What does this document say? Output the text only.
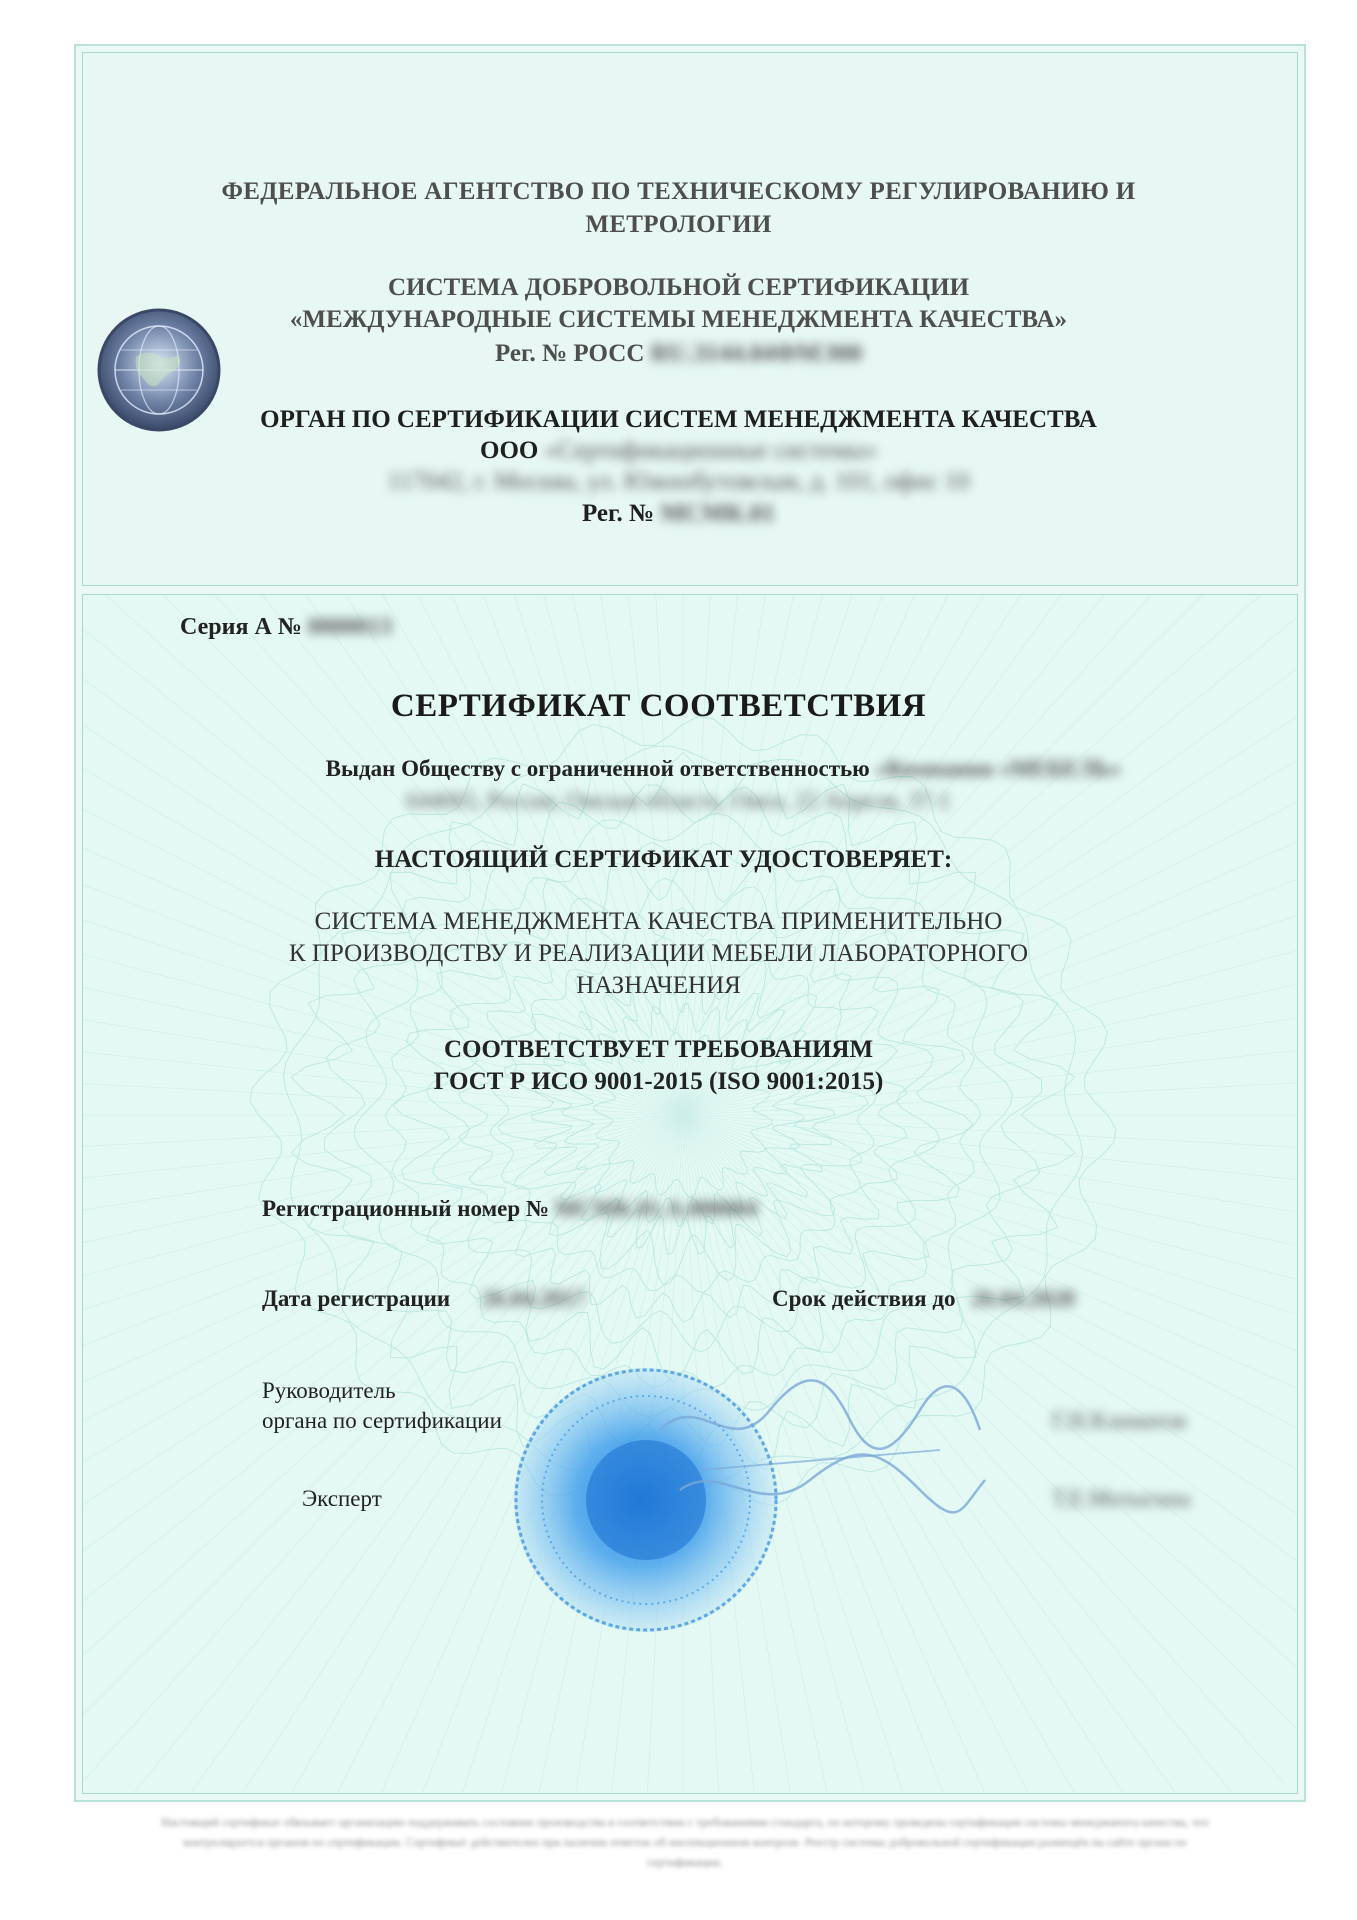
ФЕДЕРАЛЬНОЕ АГЕНТСТВО ПО ТЕХНИЧЕСКОМУ РЕГУЛИРОВАНИЮ И
МЕТРОЛОГИИ
СИСТЕМА ДОБРОВОЛЬНОЙ СЕРТИФИКАЦИИ
«МЕЖДУНАРОДНЫЕ СИСТЕМЫ МЕНЕДЖМЕНТА КАЧЕСТВА»
Рег. № РОСС RU.З144.04ФМЭ00
ОРГАН ПО СЕРТИФИКАЦИИ СИСТЕМ МЕНЕДЖМЕНТА КАЧЕСТВА
ООО «Сертификационные системы»
117042, г. Москва, ул. Южнобутовская, д. 101, офис 10
Рег. № МСМК.01
Серия А № 0000013
СЕРТИФИКАТ СООТВЕТСТВИЯ
Выдан Обществу с ограниченной ответственностью «Компания «МЕБЕЛЬ»
644065, Россия, Омская область, Омск, 22 Апреля, 37-1
НАСТОЯЩИЙ СЕРТИФИКАТ УДОСТОВЕРЯЕТ:
СИСТЕМА МЕНЕДЖМЕНТА КАЧЕСТВА ПРИМЕНИТЕЛЬНО
К ПРОИЗВОДСТВУ И РЕАЛИЗАЦИИ МЕБЕЛИ ЛАБОРАТОРНОГО
НАЗНАЧЕНИЯ
СООТВЕТСТВУЕТ ТРЕБОВАНИЯМ
ГОСТ Р ИСО 9001-2015 (ISO 9001:2015)
Регистрационный номер № МСМК.01.А.000084
Дата регистрации 26.04.2017	Срок действия до 26.04.2020
Руководитель
органа по сертификации	Г.Н.Климатов
Эксперт	Т.Е.Мотыгина
Настоящий сертификат обязывает организацию поддерживать состояние производства в соответствии с требованиями стандарта, по которому проведена сертификация системы менеджмента качества, что контролируется органом по сертификации. Сертификат действителен при наличии отметок об инспекционном контроле. Реестр системы добровольной сертификации размещён на сайте органа по сертификации.
